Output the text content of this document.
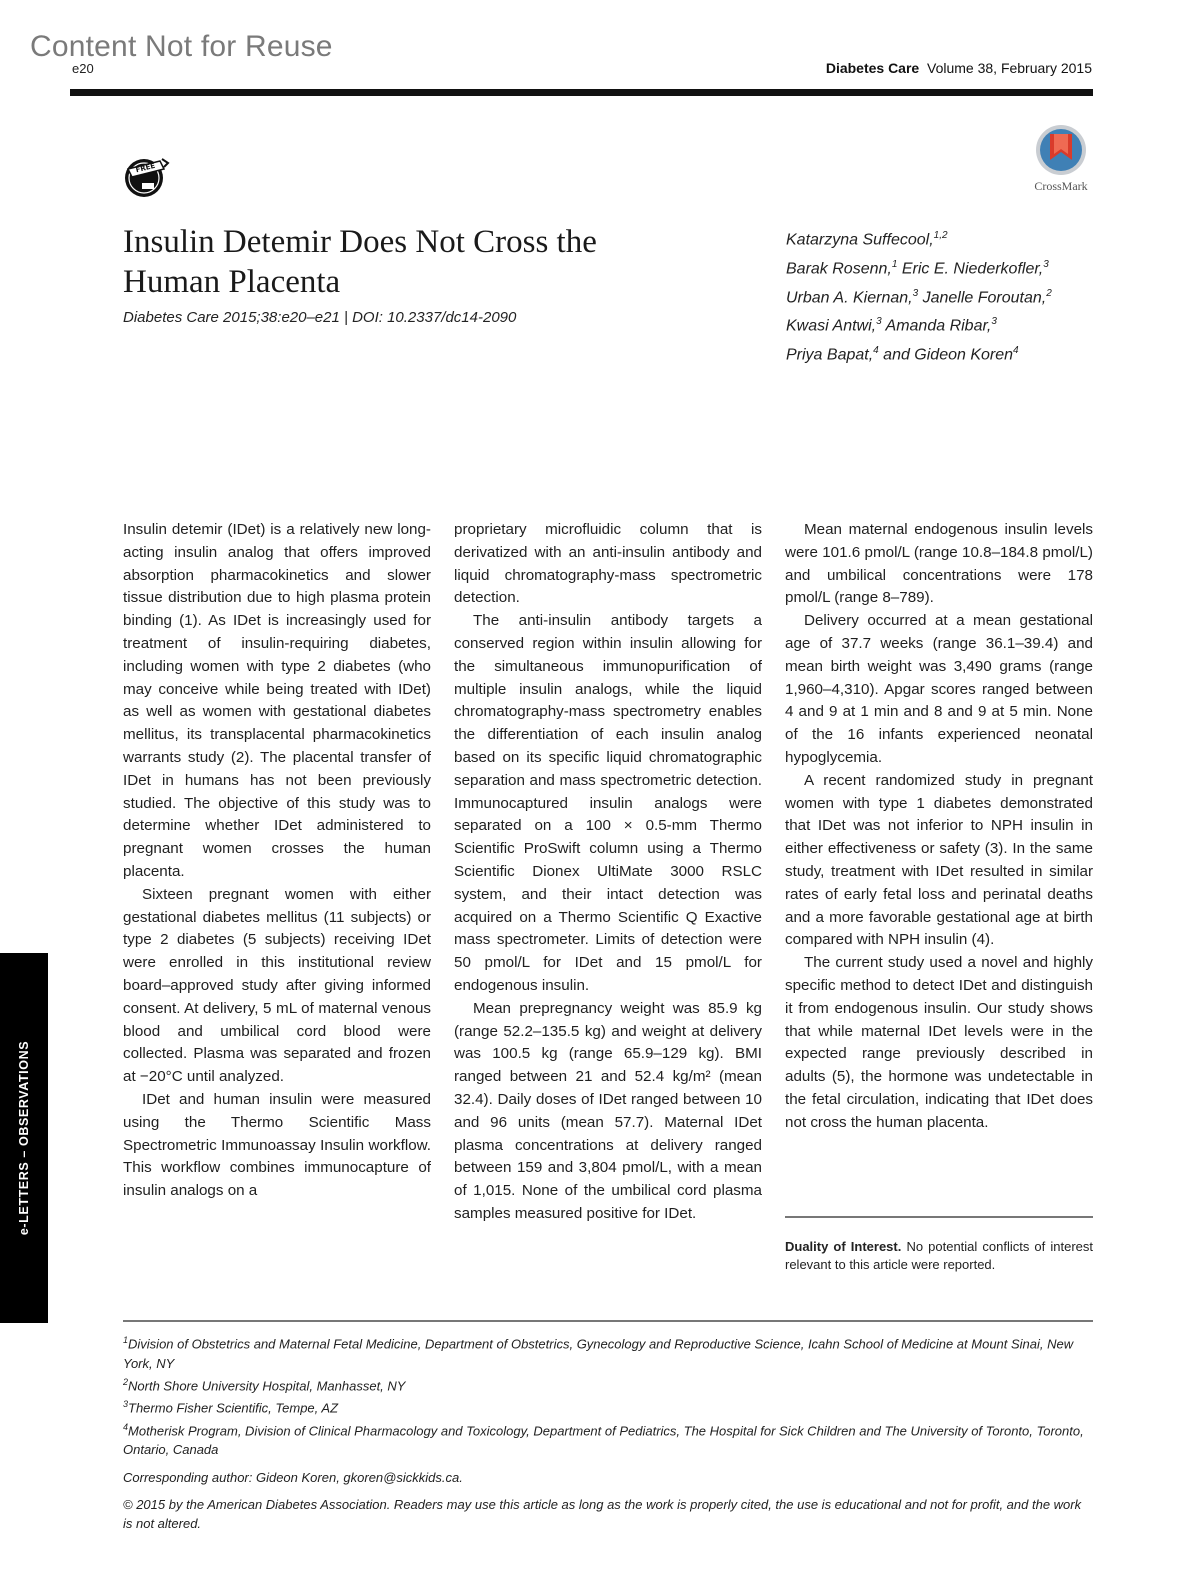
Content Not for Reuse
e20	Diabetes Care Volume 38, February 2015
FREE
CrossMark
Insulin Detemir Does Not Cross the
Human Placenta
Diabetes Care 2015;38:e20–e21 | DOI: 10.2337/dc14-2090
Katarzyna Suffecool,$^{1,2}$
Barak Rosenn,$^1$ Eric E. Niederkofler,$^3$
Urban A. Kiernan,$^3$ Janelle Foroutan,$^2$
Kwasi Antwi,$^3$ Amanda Ribar,$^3$
Priya Bapat,$^4$ and Gideon Koren$^4$
e-LETTERS – OBSERVATIONS

Insulin detemir (IDet) is a relatively new long-acting insulin analog that offers improved absorption pharmacokinetics and slower tissue distribution due to high plasma protein binding (1). As IDet is increasingly used for treatment of insulin-requiring diabetes, including women with type 2 diabetes (who may conceive while being treated with IDet) as well as women with gestational diabetes mellitus, its transplacental pharmacokinetics warrants study (2). The placental transfer of IDet in humans has not been previously studied. The objective of this study was to determine whether IDet administered to pregnant women crosses the human placenta.

Sixteen pregnant women with either gestational diabetes mellitus (11 subjects) or type 2 diabetes (5 subjects) receiving IDet were enrolled in this institutional review board–approved study after giving informed consent. At delivery, 5 mL of maternal venous blood and umbilical cord blood were collected. Plasma was separated and frozen at −20°C until analyzed.

IDet and human insulin were measured using the Thermo Scientific Mass Spectrometric Immunoassay Insulin workflow. This workflow combines immunocapture of insulin analogs on a

proprietary microfluidic column that is derivatized with an anti-insulin antibody and liquid chromatography-mass spectrometric detection.

The anti-insulin antibody targets a conserved region within insulin allowing for the simultaneous immunopurification of multiple insulin analogs, while the liquid chromatography-mass spectrometry enables the differentiation of each insulin analog based on its specific liquid chromatographic separation and mass spectrometric detection. Immunocaptured insulin analogs were separated on a 100 × 0.5-mm Thermo Scientific ProSwift column using a Thermo Scientific Dionex UltiMate 3000 RSLC system, and their intact detection was acquired on a Thermo Scientific Q Exactive mass spectrometer. Limits of detection were 50 pmol/L for IDet and 15 pmol/L for endogenous insulin.

Mean prepregnancy weight was 85.9 kg (range 52.2–135.5 kg) and weight at delivery was 100.5 kg (range 65.9–129 kg). BMI ranged between 21 and 52.4 kg/m² (mean 32.4). Daily doses of IDet ranged between 10 and 96 units (mean 57.7). Maternal IDet plasma concentrations at delivery ranged between 159 and 3,804 pmol/L, with a mean of 1,015. None of the umbilical cord plasma samples measured positive for IDet.

Mean maternal endogenous insulin levels were 101.6 pmol/L (range 10.8–184.8 pmol/L) and umbilical concentrations were 178 pmol/L (range 8–789).

Delivery occurred at a mean gestational age of 37.7 weeks (range 36.1–39.4) and mean birth weight was 3,490 grams (range 1,960–4,310). Apgar scores ranged between 4 and 9 at 1 min and 8 and 9 at 5 min. None of the 16 infants experienced neonatal hypoglycemia.

A recent randomized study in pregnant women with type 1 diabetes demonstrated that IDet was not inferior to NPH insulin in either effectiveness or safety (3). In the same study, treatment with IDet resulted in similar rates of early fetal loss and perinatal deaths and a more favorable gestational age at birth compared with NPH insulin (4).

The current study used a novel and highly specific method to detect IDet and distinguish it from endogenous insulin. Our study shows that while maternal IDet levels were in the expected range previously described in adults (5), the hormone was undetectable in the fetal circulation, indicating that IDet does not cross the human placenta.

Duality of Interest. No potential conflicts of interest relevant to this article were reported.
$^1$Division of Obstetrics and Maternal Fetal Medicine, Department of Obstetrics, Gynecology and Reproductive Science, Icahn School of Medicine at Mount Sinai, New York, NY
$^2$North Shore University Hospital, Manhasset, NY
$^3$Thermo Fisher Scientific, Tempe, AZ
$^4$Motherisk Program, Division of Clinical Pharmacology and Toxicology, Department of Pediatrics, The Hospital for Sick Children and The University of Toronto, Toronto, Ontario, Canada
Corresponding author: Gideon Koren, gkoren@sickkids.ca.
© 2015 by the American Diabetes Association. Readers may use this article as long as the work is properly cited, the use is educational and not for profit, and the work is not altered.
